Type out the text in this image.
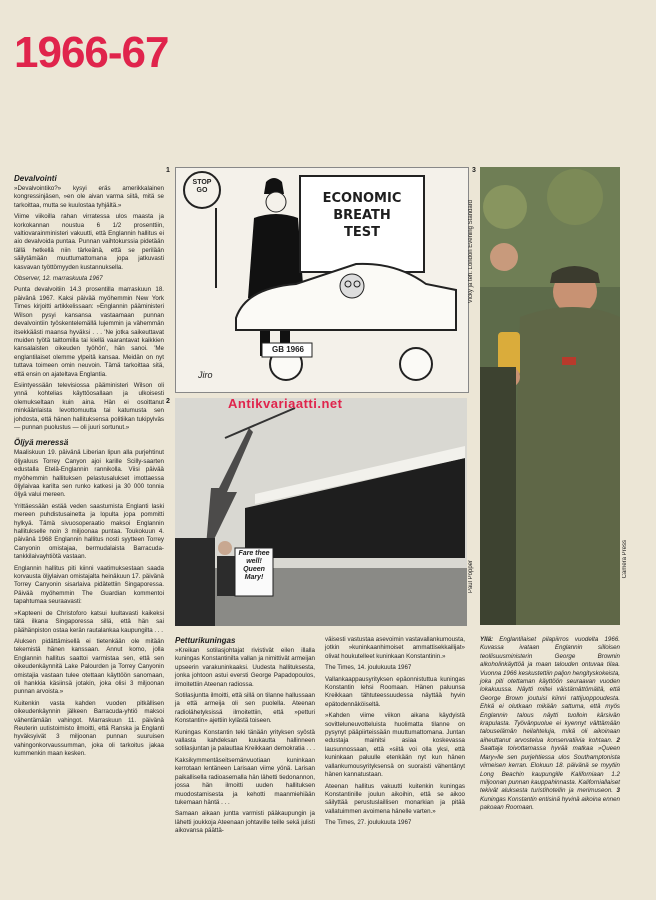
1966-67
Devalvointi

»Devalvointiko?» kysyi eräs amerikkalainen kongressinjäsen, »en ole aivan varma siitä, mitä se tarkoittaa, mutta se kuulostaa tyhjältä.»

Viime viikoilla rahan virratessa ulos maasta ja korkokannan noustua 6 1/2 prosenttiin, valtiovarainministeri vakuutti, että Englannin hallitus ei aio devalvoida puntaa. Punnan vaihtokurssia pidetään tällä hetkellä niin tärkeänä, että se perilään säilytämään muuttumattomana jopa jatkuvasti kasvavan työttömyyden kustannuksella.

Observer, 12. marraskuuta 1967

Punta devalvoitiin 14.3 prosentilla marraskuun 18. päivänä 1967. Kaksi päivää myöhemmin New York Times kirjoitti artikkelissaan: »Englannin pääministeri Wilson pysyi kansansa vastaamaan punnan devalvointiin työskentelemällä lujemmin ja vähemmän itsekkäästi maansa hyväksi . . . 'Ne jotka saikeuttavat muiden työtä taittomilla tai kiellä vaarantavat kaikkien kansalaisten oikeuden työhön', hän sanoi. 'Me englantilaiset olemme ylpeitä kansaa. Meidän on nyt tuttava toimeen omin neuvoin. Tämä tarkoittaa sitä, että ensin on ajateltava Englantia.

Esiintyessään televisiossa pääministeri Wilson oli ynnä kohtelias käyttöosallaan ja ulkoisesti olemukseltaan kuin aina. Hän ei osoittanut minkäänlaista levottomuutta tai katumusta sen johdosta, että hänen hallituksensa politiikan tukipylväs — punnan puolustus — oli juuri sortunut.»

Öljyä meressä

Maaliskuun 19. päivänä Liberian lipun alla purjehtinut öljyaluus Torrey Canyon ajoi karille Scilly-saarten edustalla Etelä-Englannin rannikolla. Viisi päivää myöhemmin hallituksen pelastusalukset imottaessa öljylaivaa karilta sen runko katkesi ja 30 000 tonnia öljyä valui mereen.

Yrittäessään estää veden saastumista Englanti laski mereen puhdistusainetta ja lopulta jopa pommitti hylkyä. Tämä sivuosoperaatio maksoi Englannin hallitukselle noin 3 miljoonaa puntaa. Toukokuun 4. päivänä 1968 Englannin hallitus nosti syytteen Torrey Canyonin omistajaa, bermudalaista Barracuda-tankkilaivayhtiötä vastaan.

Englannin hallitus piti kiinni vaatimuksestaan saada korvausta öljylaivan omistajalta heinäkuun 17. päivänä Torrey Canyonin sisarlaiva pidätettiin Singaporessa. Päivää myöhemmin The Guardian kommentoi tapahtumaa seuraavasti:

»Kapteeni de Christoforo katsui luultavasti kaikeksi tätä ilkana Singaporessa sillä, että hän sai päähänpiston ostaa kerän rautalankaa kaupungilta . . .

Aluksen pidättämisellä ei tietenkään ole mitään tekemistä hänen kanssaan. Annut komo, jolla Englannin hallitus saattoi varmistaa sen, että sen oikeudenkäynnitä Lake Palourden ja Torrey Canyonin omistajia vastaan tulee otettaan käyttöön sanomaan, oli hankkia käsiinsä jotakin, joka olisi 3 miljoonan punnan arvoista.»

Kuitenkin vasta kahden vuoden pitkällisen oikeudenkäynnin jälkeen Barracuda-yhtiö maksoi vähentämään vahingot. Marraskuun 11. päivänä Reuterin uutistoimisto ilmoitti, että Ranska ja Englanti hyväksyivät 3 miljoonan punnan suuruisen vahingonkorvaussumman, joka oli tarkoitus jakaa kummenkin maan kesken.

1
STOP
GO
ECONOMIC
BREATH
TEST
GB 1966
Jiro
Vicky ja teh. London Evening Standard
3
Camera Press
2
Fare thee well! Queen Mary!	Paul Popper
Antikvariaatti.net
Petturikuningas

»Kreikan sotilasjohtajat rivistivät eilen illalla kuningas Konstantinilta vallan ja nimittivät armeijan upseerin varakuninkaaksi. Uudesta hallituksesta, jonka johtoon astui eversti George Papadopoulos, ilmoitettiin Ateenan radiossa.

Sotilasjuntta ilmoitti, että sillä on tilanne hallussaan ja että armeija oli sen puolella. Ateenan radiolähetyksissä ilmoitettiin, että »petturi Konstantin» ajettiin kylästä toiseen.

Kuningas Konstantin teki tänään yrityksen syöstä vallasta kahdeksan kuukautta hallinneen sotilasjuntan ja palauttaa Kreikkaan demokratia . . .

Kaksikymmentäseitsemänvuotiaan kuninkaan kerrotaan lentäneen Larisaan viime yönä. Larisan paikallisella radioasemalla hän lähetti tiedonannon, jossa hän ilmoitti uuden hallituksen muodostamisesta ja kehotti maanmiehiään tukemaan häntä . . .

Samaan aikaan juntta varmisti pääkaupungin ja lähetti joukkoja Ateenaan johtaville teille sekä julisti aikovansa päättä-

väisesti vastustaa asevoimin vastavallankumousta, jotkin »kuninkaanhimoiset ammattisekkailijat» olivat houkutelleet kuninkaan Konstantinin.»

The Times, 14. joulukuuta 1967

Vallankaappausyrityksen epäonnistuttua kuningas Konstantin lehsi Roomaan. Hänen paluunsa Kreikkaan tähtuteessuudessa näyttää hyvin epätodennäköiseltä.

»Kahden viime viikon aikana käydyistä sovitteluneuvotteluista huolimatta tilanne on pysynyt pääpiirteissään muuttumattomana. Juntan edustaja mainitsi asiaa koskevassa lausunnossaan, että »siitä voi olla yksi, että kuninkaan paluulle etenkään nyt kun hänen vallankumousyrityksensä on suoraisti vähentänyt hänen kannatustaan.

Ateenan hallitus vakuutti kuitenkin kuningas Konstantinille joulun aikoihin, että se aikoo säilyttää perustuslaillisen monarkian ja pitää vallatuimmen avoimena hänelle varten.»

The Times, 27. joulukuuta 1967

Yllä: Englantilaiset pilapiirros vuodelta 1966. Kuvassa ivataan Englannin silloisen teollisuusministerin George Brownin alkoholinkäyttöä ja maan talouden ontuvaa tilaa. Vuonna 1966 keskustettiin paljon hengityskokeista, joka piti otettaman käyttöön seuraavan vuoden lokakuussa. Näytti miltei väistämättömältä, että George Brown joutuisi kiinni rattijuoppoudesta. Ehkä ei olutkaan mikään sattuma, että myös Englannin talous näytti tuolloin kärsivän krapulasta. Työvänpuolue ei kyennyt välttämään talouselämän heilahteluja, mikä oli aikoinaan aiheuttanut arvostelua konservatiivia kohtaan. 2 Saattaja toivottamassa hyvää matkaa »Queen Mary»lle sen purjehtiessa ulos Southamptonista viimeisen kerran. Elokuun 18. päivänä se myytiin Long Beachin kaupungille Kaliforniaan 1.2 miljoonan punnan kauppahinnasta. Kaliforniallaiset tekivät aluksesta turistihotellin ja merimuseon. 3 Kuningas Konstantin entisinä hyvinä aikoina ennen pakoaan Roomaan.
